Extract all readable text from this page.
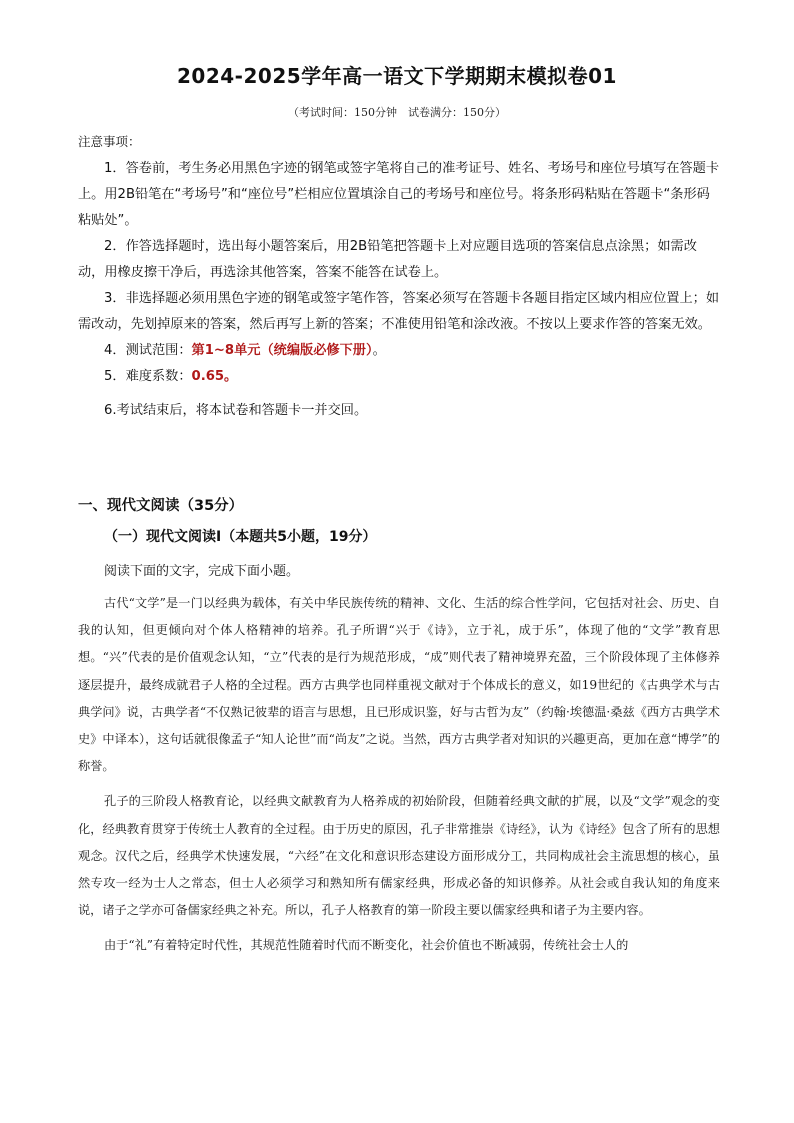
2024-2025学年高一语文下学期期末模拟卷01
（考试时间：150分钟　试卷满分：150分）
注意事项：

1．答卷前，考生务必用黑色字迹的钢笔或签字笔将自己的准考证号、姓名、考场号和座位号填写在答题卡上。用2B铅笔在“考场号”和“座位号”栏相应位置填涂自己的考场号和座位号。将条形码粘贴在答题卡“条形码粘贴处”。

2．作答选择题时，选出每小题答案后，用2B铅笔把答题卡上对应题目选项的答案信息点涂黑；如需改动，用橡皮擦干净后，再选涂其他答案，答案不能答在试卷上。

3．非选择题必须用黑色字迹的钢笔或签字笔作答，答案必须写在答题卡各题目指定区域内相应位置上；如需改动，先划掉原来的答案，然后再写上新的答案；不准使用铅笔和涂改液。不按以上要求作答的答案无效。

4．测试范围：第1~8单元（统编版必修下册）。

5．难度系数：0.65。

6.考试结束后，将本试卷和答题卡一并交回。

一、现代文阅读（35分）
（一）现代文阅读Ⅰ（本题共5小题，19分）
阅读下面的文字，完成下面小题。

古代“文学”是一门以经典为载体，有关中华民族传统的精神、文化、生活的综合性学问，它包括对社会、历史、自我的认知，但更倾向对个体人格精神的培养。孔子所谓“兴于《诗》，立于礼，成于乐”，体现了他的“文学”教育思想。“兴”代表的是价值观念认知，“立”代表的是行为规范形成，“成”则代表了精神境界充盈，三个阶段体现了主体修养逐层提升，最终成就君子人格的全过程。西方古典学也同样重视文献对于个体成长的意义，如19世纪的《古典学术与古典学问》说，古典学者“不仅熟记彼辈的语言与思想，且已形成识鉴，好与古哲为友”（约翰·埃德温·桑兹《西方古典学术史》中译本），这句话就很像孟子“知人论世”而“尚友”之说。当然，西方古典学者对知识的兴趣更高，更加在意“博学”的称誉。

孔子的三阶段人格教育论，以经典文献教育为人格养成的初始阶段，但随着经典文献的扩展，以及“文学”观念的变化，经典教育贯穿于传统士人教育的全过程。由于历史的原因，孔子非常推崇《诗经》，认为《诗经》包含了所有的思想观念。汉代之后，经典学术快速发展，“六经”在文化和意识形态建设方面形成分工，共同构成社会主流思想的核心，虽然专攻一经为士人之常态，但士人必须学习和熟知所有儒家经典，形成必备的知识修养。从社会或自我认知的角度来说，诸子之学亦可备儒家经典之补充。所以，孔子人格教育的第一阶段主要以儒家经典和诸子为主要内容。

由于“礼”有着特定时代性，其规范性随着时代而不断变化，社会价值也不断减弱，传统社会士人的
